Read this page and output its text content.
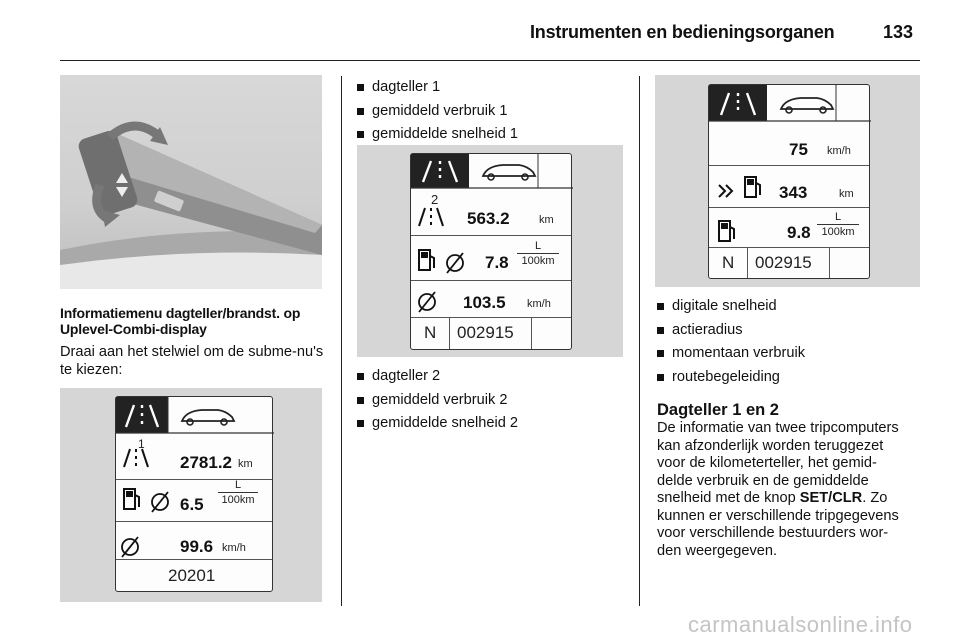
Instrumenten en bedieningsorganen	133
Informatiemenu dagteller/brandst. op Uplevel-Combi-display
Draai aan het stelwiel om de subme-nu's te kiezen:
1
2781.2 km
6.5
L
100km
99.6 km/h
20201
dagteller 1
gemiddeld verbruik 1
gemiddelde snelheid 1
2
563.2	km
7.8
L
100km
103.5 km/h
N 002915
dagteller 2
gemiddeld verbruik 2
gemiddelde snelheid 2
75 km/h
343	km
9.8
L
100km
N 002915
digitale snelheid
actieradius
momentaan verbruik
routebegeleiding
Dagteller 1 en 2
De informatie van twee tripcomputers
kan afzonderlijk worden teruggezet
voor de kilometerteller, het gemid-
delde verbruik en de gemiddelde
snelheid met de knop SET/CLR. Zo
kunnen er verschillende tripgegevens
voor verschillende bestuurders wor-
den weergegeven.
carmanualsonline.info
